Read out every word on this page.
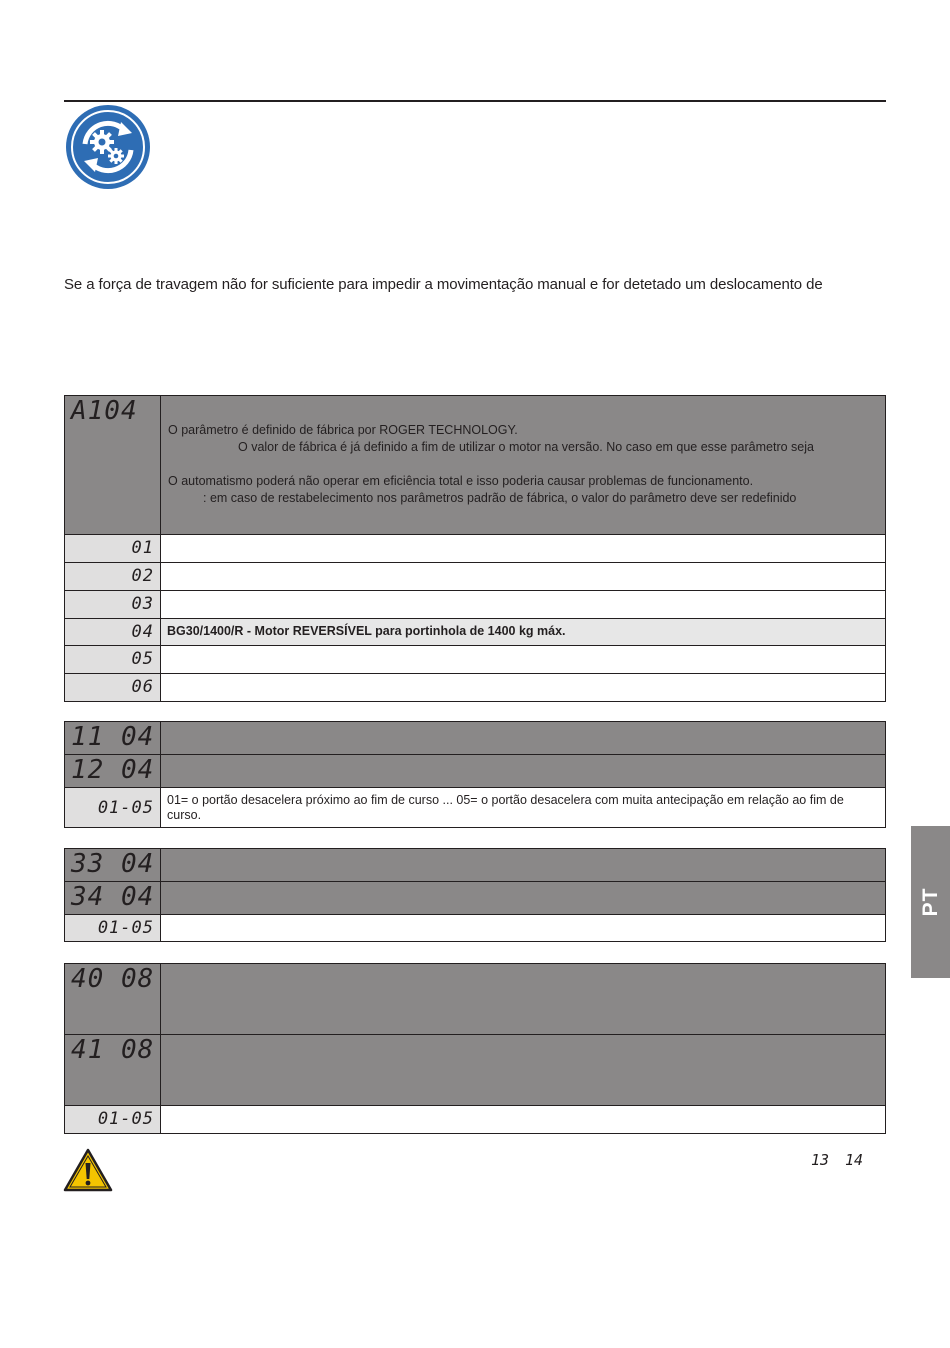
Se a força de travagem não for suficiente para impedir a movimentação manual e for detetado um deslocamento de

A104	O parâmetro é definido de fábrica por ROGER TECHNOLOGY.

O valor de fábrica é já definido a fim de utilizar o motor na versão. No caso em que esse parâmetro seja

O automatismo poderá não operar em eficiência total e isso poderia causar problemas de funcionamento.

: em caso de restabelecimento nos parâmetros padrão de fábrica, o valor do parâmetro deve ser redefinido

01	
02	
03	
04	BG30/1400/R - Motor REVERSÍVEL para portinhola de 1400 kg máx.
05	
06	
11 04	

12 04	

01-05	01= o portão desacelera próximo ao fim de curso ... 05= o portão desacelera com muita antecipação em relação ao fim de curso.
33 04	

34 04	

01-05	
40 08	

41 08	

01-05	
13 14
PT
